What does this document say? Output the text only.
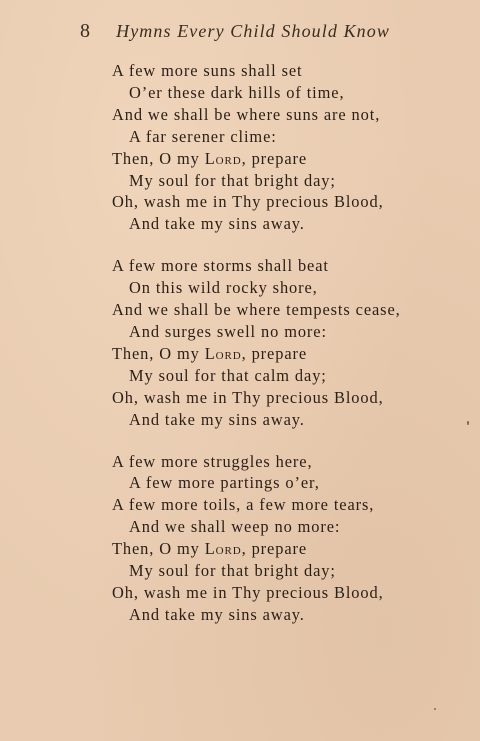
8 Hymns Every Child Should Know
A few more suns shall set
O’er these dark hills of time,
And we shall be where suns are not,
A far serener clime:
Then, O my Lord, prepare
My soul for that bright day;
Oh, wash me in Thy precious Blood,
And take my sins away.
A few more storms shall beat
On this wild rocky shore,
And we shall be where tempests cease,
And surges swell no more:
Then, O my Lord, prepare
My soul for that calm day;
Oh, wash me in Thy precious Blood,
And take my sins away.
A few more struggles here,
A few more partings o’er,
A few more toils, a few more tears,
And we shall weep no more:
Then, O my Lord, prepare
My soul for that bright day;
Oh, wash me in Thy precious Blood,
And take my sins away.
